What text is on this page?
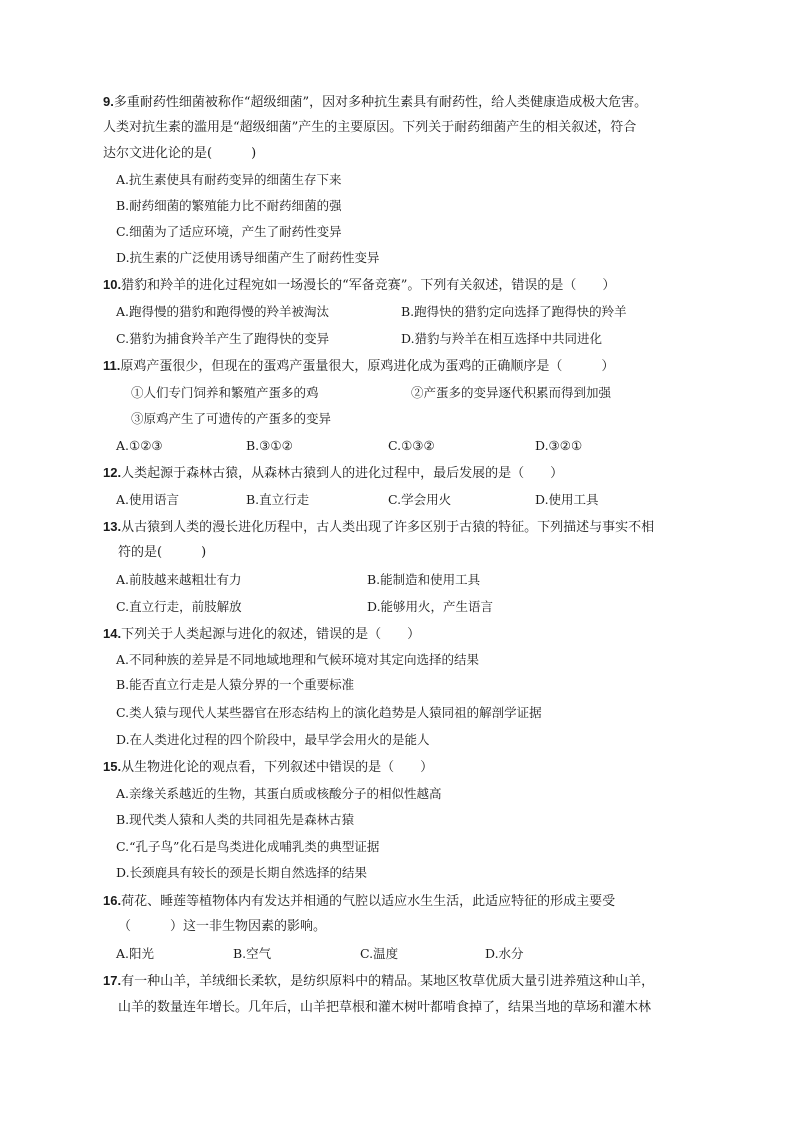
9.多重耐药性细菌被称作“超级细菌”，因对多种抗生素具有耐药性，给人类健康造成极大危害。
人类对抗生素的滥用是“超级细菌”产生的主要原因。下列关于耐药细菌产生的相关叙述，符合
达尔文进化论的是(　　　)
A.抗生素使具有耐药变异的细菌生存下来
B.耐药细菌的繁殖能力比不耐药细菌的强
C.细菌为了适应环境，产生了耐药性变异
D.抗生素的广泛使用诱导细菌产生了耐药性变异
10.猎豹和羚羊的进化过程宛如一场漫长的“军备竞赛”。下列有关叙述，错误的是（　　）
A.跑得慢的猎豹和跑得慢的羚羊被淘汰	B.跑得快的猎豹定向选择了跑得快的羚羊
C.猎豹为捕食羚羊产生了跑得快的变异	D.猎豹与羚羊在相互选择中共同进化
11.原鸡产蛋很少，但现在的蛋鸡产蛋量很大，原鸡进化成为蛋鸡的正确顺序是（　　　）
①人们专门饲养和繁殖产蛋多的鸡	②产蛋多的变异逐代积累而得到加强
③原鸡产生了可遗传的产蛋多的变异
A.①②③	B.③①②	C.①③②	D.③②①
12.人类起源于森林古猿，从森林古猿到人的进化过程中，最后发展的是（　　）
A.使用语言	B.直立行走	C.学会用火	D.使用工具
13.从古猿到人类的漫长进化历程中，古人类出现了许多区别于古猿的特征。下列描述与事实不相
符的是(　　　)
A.前肢越来越粗壮有力	B.能制造和使用工具
C.直立行走，前肢解放	D.能够用火，产生语言
14.下列关于人类起源与进化的叙述，错误的是（　　）
A.不同种族的差异是不同地域地理和气候环境对其定向选择的结果
B.能否直立行走是人猿分界的一个重要标准
C.类人猿与现代人某些器官在形态结构上的演化趋势是人猿同祖的解剖学证据
D.在人类进化过程的四个阶段中，最早学会用火的是能人
15.从生物进化论的观点看，下列叙述中错误的是（　　）
A.亲缘关系越近的生物，其蛋白质或核酸分子的相似性越高
B.现代类人猿和人类的共同祖先是森林古猿
C.“孔子鸟”化石是鸟类进化成哺乳类的典型证据
D.长颈鹿具有较长的颈是长期自然选择的结果
16.荷花、睡莲等植物体内有发达并相通的气腔以适应水生生活，此适应特征的形成主要受
（　　　）这一非生物因素的影响。
A.阳光	B.空气	C.温度	D.水分
17.有一种山羊，羊绒细长柔软，是纺织原料中的精品。某地区牧草优质大量引进养殖这种山羊，
山羊的数量连年增长。几年后，山羊把草根和灌木树叶都啃食掉了，结果当地的草场和灌木林
